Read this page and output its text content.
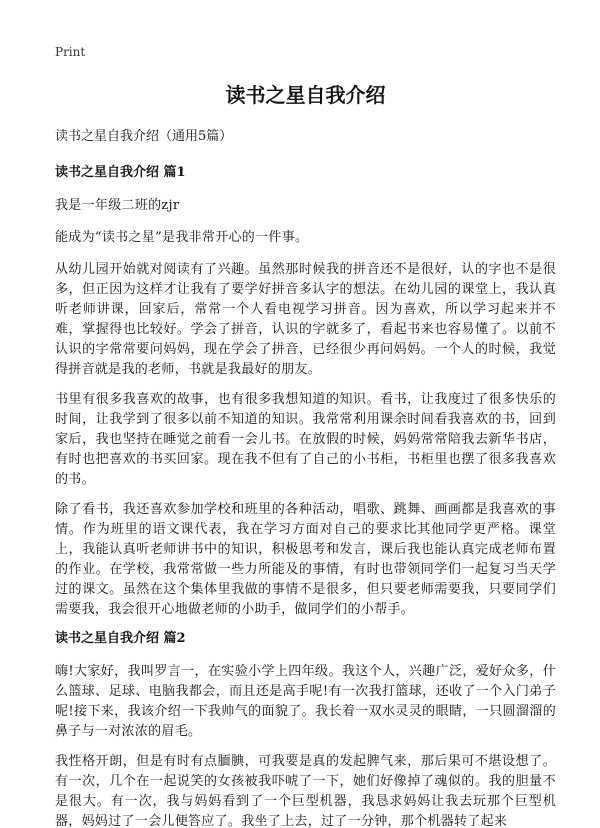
Print
读书之星自我介绍
读书之星自我介绍（通用5篇）
读书之星自我介绍 篇1

我是一年级二班的zjr

能成为“读书之星”是我非常开心的一件事。

从幼儿园开始就对阅读有了兴趣。虽然那时候我的拼音还不是很好，认的字也不是很多，但正因为这样才让我有了要学好拼音多认字的想法。在幼儿园的课堂上，我认真听老师讲课，回家后，常常一个人看电视学习拼音。因为喜欢，所以学习起来并不难，掌握得也比较好。学会了拼音，认识的字就多了，看起书来也容易懂了。以前不认识的字常常要问妈妈，现在学会了拼音，已经很少再问妈妈。一个人的时候，我觉得拼音就是我的老师，书就是我最好的朋友。

书里有很多我喜欢的故事，也有很多我想知道的知识。看书，让我度过了很多快乐的时间，让我学到了很多以前不知道的知识。我常常利用课余时间看我喜欢的书，回到家后，我也坚持在睡觉之前看一会儿书。在放假的时候，妈妈常常陪我去新华书店，有时也把喜欢的书买回家。现在我不但有了自己的小书柜，书柜里也摆了很多我喜欢的书。

除了看书，我还喜欢参加学校和班里的各种活动，唱歌、跳舞、画画都是我喜欢的事情。作为班里的语文课代表，我在学习方面对自己的要求比其他同学更严格。课堂上，我能认真听老师讲书中的知识，积极思考和发言，课后我也能认真完成老师布置的作业。在学校，我常常做一些力所能及的事情，有时也带领同学们一起复习当天学过的课文。虽然在这个集体里我做的事情不是很多，但只要老师需要我，只要同学们需要我，我会很开心地做老师的小助手，做同学们的小帮手。

读书之星自我介绍 篇2

嗨!大家好，我叫罗言一，在实验小学上四年级。我这个人，兴趣广泛，爱好众多，什么篮球、足球、电脑我都会，而且还是高手呢!有一次我打篮球，还收了一个入门弟子呢!接下来，我该介绍一下我帅气的面貌了。我长着一双水灵灵的眼睛，一只圆溜溜的鼻子与一对浓浓的眉毛。

我性格开朗，但是有时有点腼腆，可我要是真的发起脾气来，那后果可不堪设想了。有一次，几个在一起说笑的女孩被我吓唬了一下，她们好像掉了魂似的。我的胆量不是很大。有一次，我与妈妈看到了一个巨型机器，我恳求妈妈让我去玩那个巨型机器，妈妈过了一会儿便答应了。我坐了上去，过了一分钟，那个机器转了起来
